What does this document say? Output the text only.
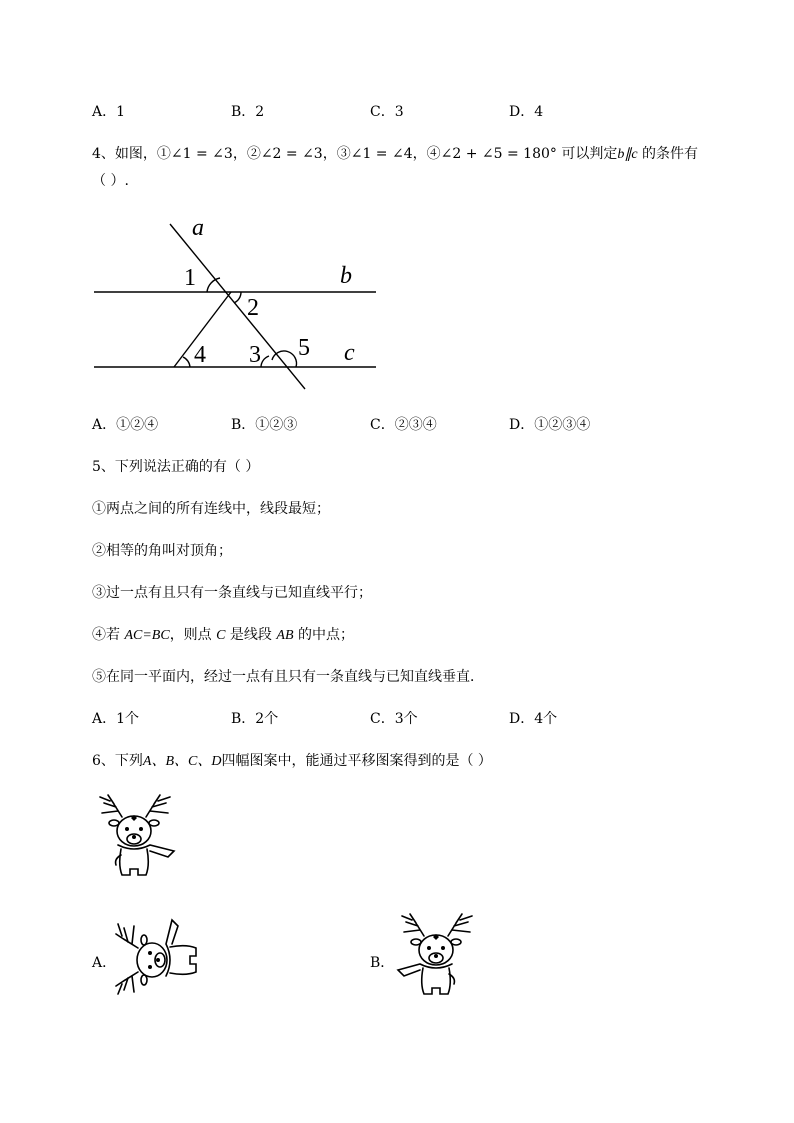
A．1	B．2	C．3	D．4
4、如图，①∠1 = ∠3，②∠2 = ∠3，③∠1 = ∠4，④∠2 + ∠5 = 180° 可以判定b∥c 的条件有
（ ）.
a
b
c
1
2
3
4	5
A．①②④	B．①②③	C．②③④	D．①②③④
5、下列说法正确的有（ ）
①两点之间的所有连线中，线段最短；
②相等的角叫对顶角；
③过一点有且只有一条直线与已知直线平行；
④若 AC=BC，则点 C 是线段 AB 的中点；
⑤在同一平面内，经过一点有且只有一条直线与已知直线垂直．
A．1个	B．2个	C．3个	D．4个
6、下列A、B、C、D四幅图案中，能通过平移图案得到的是（ ）
A．	B．
